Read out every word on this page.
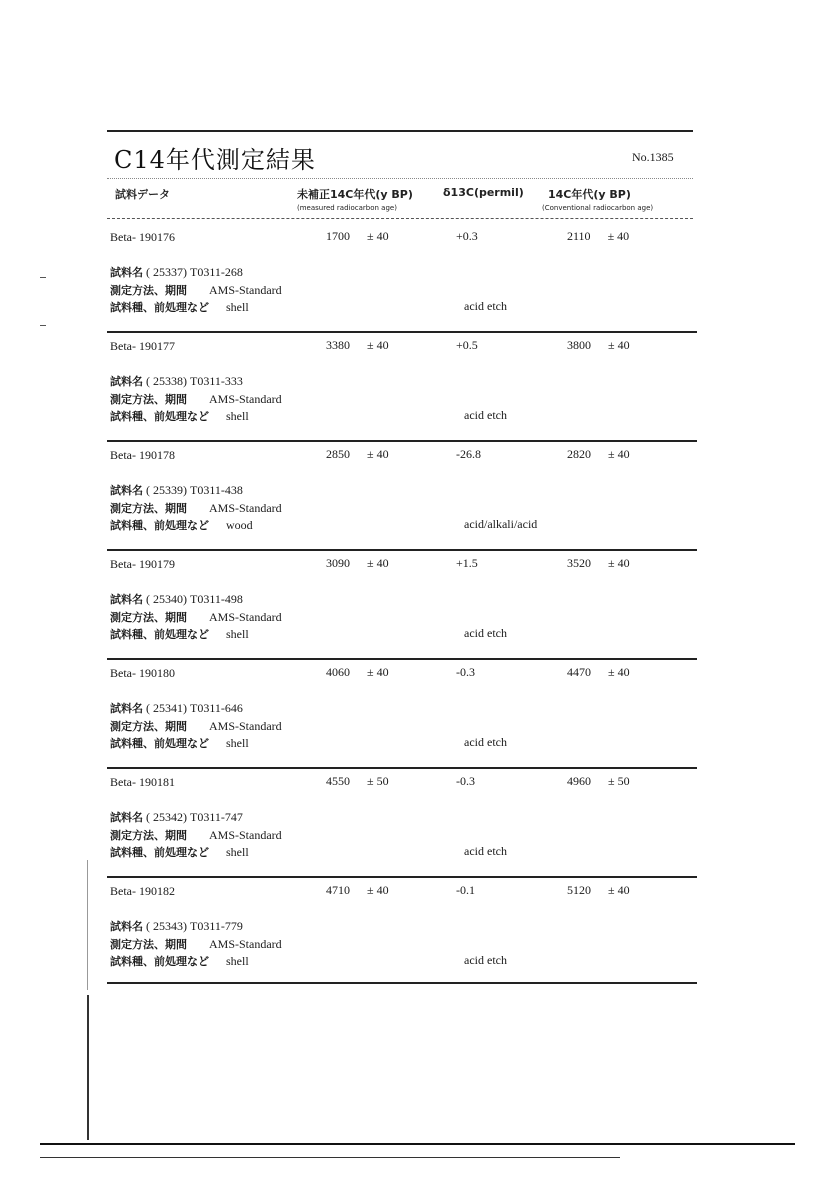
C14年代測定結果	No.1385
試料データ	未補正14C年代(y BP)
(measured radiocarbon age)
δ13C(permil) 14C年代(y BP)
(Conventional radiocarbon age)
Beta- 190176	1700 ± 40	+0.3	2110 ± 40
試料名 ( 25337) T0311-268
測定方法、期間 AMS-Standard
試料種、前処理など shell	acid etch
Beta- 190177	3380 ± 40	+0.5	3800 ± 40
試料名 ( 25338) T0311-333
測定方法、期間 AMS-Standard
試料種、前処理など shell	acid etch
Beta- 190178	2850 ± 40	-26.8	2820 ± 40
試料名 ( 25339) T0311-438
測定方法、期間 AMS-Standard
試料種、前処理など wood	acid/alkali/acid
Beta- 190179	3090 ± 40	+1.5	3520 ± 40
試料名 ( 25340) T0311-498
測定方法、期間 AMS-Standard
試料種、前処理など shell	acid etch
Beta- 190180	4060 ± 40	-0.3	4470 ± 40
試料名 ( 25341) T0311-646
測定方法、期間 AMS-Standard
試料種、前処理など shell	acid etch
Beta- 190181	4550 ± 50	-0.3	4960 ± 50
試料名 ( 25342) T0311-747
測定方法、期間 AMS-Standard
試料種、前処理など shell	acid etch
Beta- 190182	4710 ± 40	-0.1	5120 ± 40
試料名 ( 25343) T0311-779
測定方法、期間 AMS-Standard
試料種、前処理など shell	acid etch
